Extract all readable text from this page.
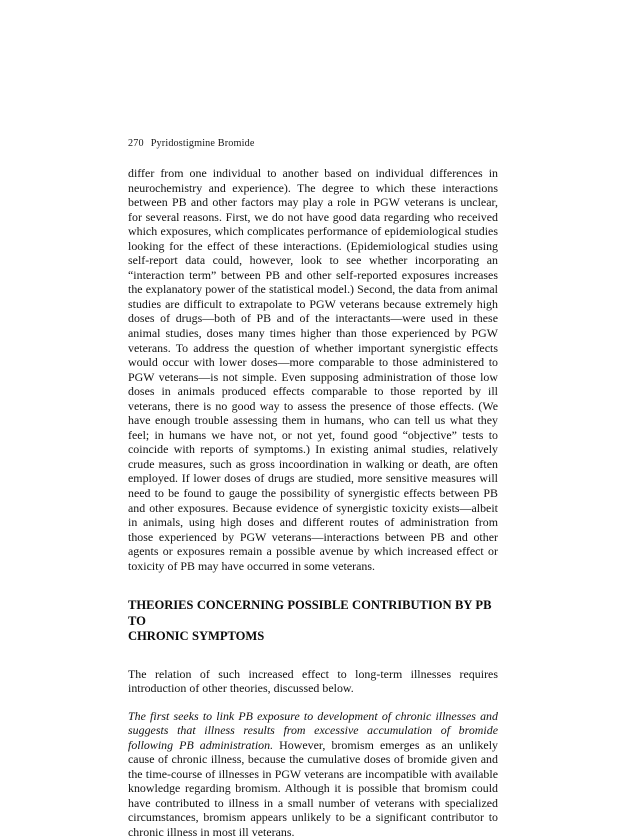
270 Pyridostigmine Bromide

differ from one individual to another based on individual differences in neurochemistry and experience). The degree to which these interactions between PB and other factors may play a role in PGW veterans is unclear, for several reasons. First, we do not have good data regarding who received which exposures, which complicates performance of epidemiological studies looking for the effect of these interactions. (Epidemiological studies using self-report data could, however, look to see whether incorporating an “interaction term” between PB and other self-reported exposures increases the explanatory power of the statistical model.) Second, the data from animal studies are difficult to extrapolate to PGW veterans because extremely high doses of drugs—both of PB and of the interactants—were used in these animal studies, doses many times higher than those experienced by PGW veterans. To address the question of whether important synergistic effects would occur with lower doses—more comparable to those administered to PGW veterans—is not simple. Even supposing administration of those low doses in animals produced effects comparable to those reported by ill veterans, there is no good way to assess the presence of those effects. (We have enough trouble assessing them in humans, who can tell us what they feel; in humans we have not, or not yet, found good “objective” tests to coincide with reports of symptoms.) In existing animal studies, relatively crude measures, such as gross incoordination in walking or death, are often employed. If lower doses of drugs are studied, more sensitive measures will need to be found to gauge the possibility of synergistic effects between PB and other exposures. Because evidence of synergistic toxicity exists—albeit in animals, using high doses and different routes of administration from those experienced by PGW veterans—interactions between PB and other agents or exposures remain a possible avenue by which increased effect or toxicity of PB may have occurred in some veterans.

THEORIES CONCERNING POSSIBLE CONTRIBUTION BY PB TO
CHRONIC SYMPTOMS

The relation of such increased effect to long-term illnesses requires introduction of other theories, discussed below.

The first seeks to link PB exposure to development of chronic illnesses and suggests that illness results from excessive accumulation of bromide following PB administration. However, bromism emerges as an unlikely cause of chronic illness, because the cumulative doses of bromide given and the time-course of illnesses in PGW veterans are incompatible with available knowledge regarding bromism. Although it is possible that bromism could have contributed to illness in a small number of veterans with specialized circumstances, bromism appears unlikely to be a significant contributor to chronic illness in most ill veterans.
